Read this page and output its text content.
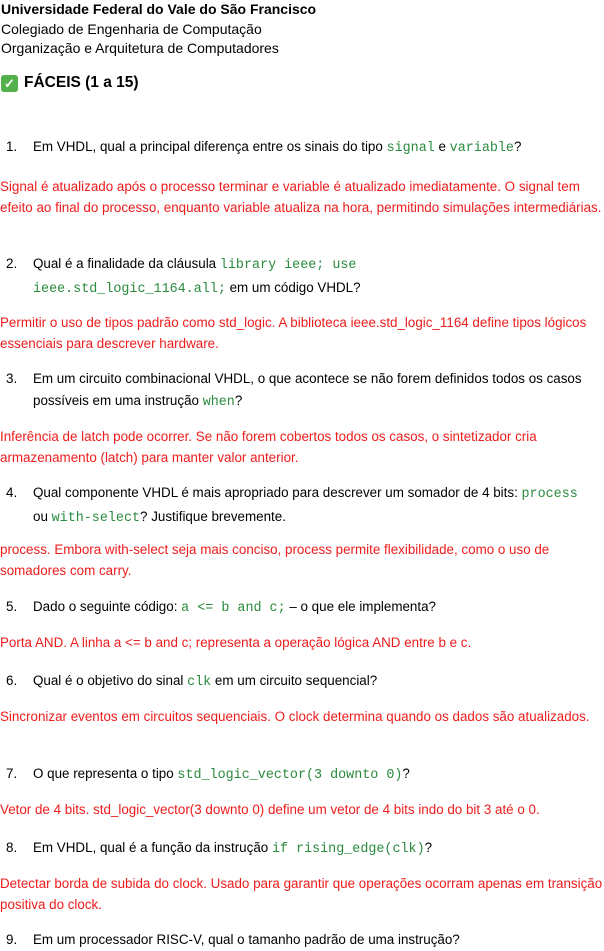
Universidade Federal do Vale do São Francisco
Colegiado de Engenharia de Computação
Organização e Arquitetura de Computadores
✓ FÁCEIS (1 a 15)
1.	Em VHDL, qual a principal diferença entre os sinais do tipo signal e variable?
Signal é atualizado após o processo terminar e variable é atualizado imediatamente. O signal tem efeito ao final do processo, enquanto variable atualiza na hora, permitindo simulações intermediárias.
2.	Qual é a finalidade da cláusula library ieee; use ieee.std_logic_1164.all; em um código VHDL?
Permitir o uso de tipos padrão como std_logic. A biblioteca ieee.std_logic_1164 define tipos lógicos essenciais para descrever hardware.
3.	Em um circuito combinacional VHDL, o que acontece se não forem definidos todos os casos possíveis em uma instrução when?
Inferência de latch pode ocorrer. Se não forem cobertos todos os casos, o sintetizador cria armazenamento (latch) para manter valor anterior.
4.	Qual componente VHDL é mais apropriado para descrever um somador de 4 bits: process ou with-select? Justifique brevemente.
process. Embora with-select seja mais conciso, process permite flexibilidade, como o uso de somadores com carry.
5.	Dado o seguinte código: a <= b and c; – o que ele implementa?
Porta AND. A linha a <= b and c; representa a operação lógica AND entre b e c.
6.	Qual é o objetivo do sinal clk em um circuito sequencial?
Sincronizar eventos em circuitos sequenciais. O clock determina quando os dados são atualizados.
7.	O que representa o tipo std_logic_vector(3 downto 0)?
Vetor de 4 bits. std_logic_vector(3 downto 0) define um vetor de 4 bits indo do bit 3 até o 0.
8.	Em VHDL, qual é a função da instrução if rising_edge(clk)?
Detectar borda de subida do clock. Usado para garantir que operações ocorram apenas em transição positiva do clock.
9.	Em um processador RISC-V, qual o tamanho padrão de uma instrução?
